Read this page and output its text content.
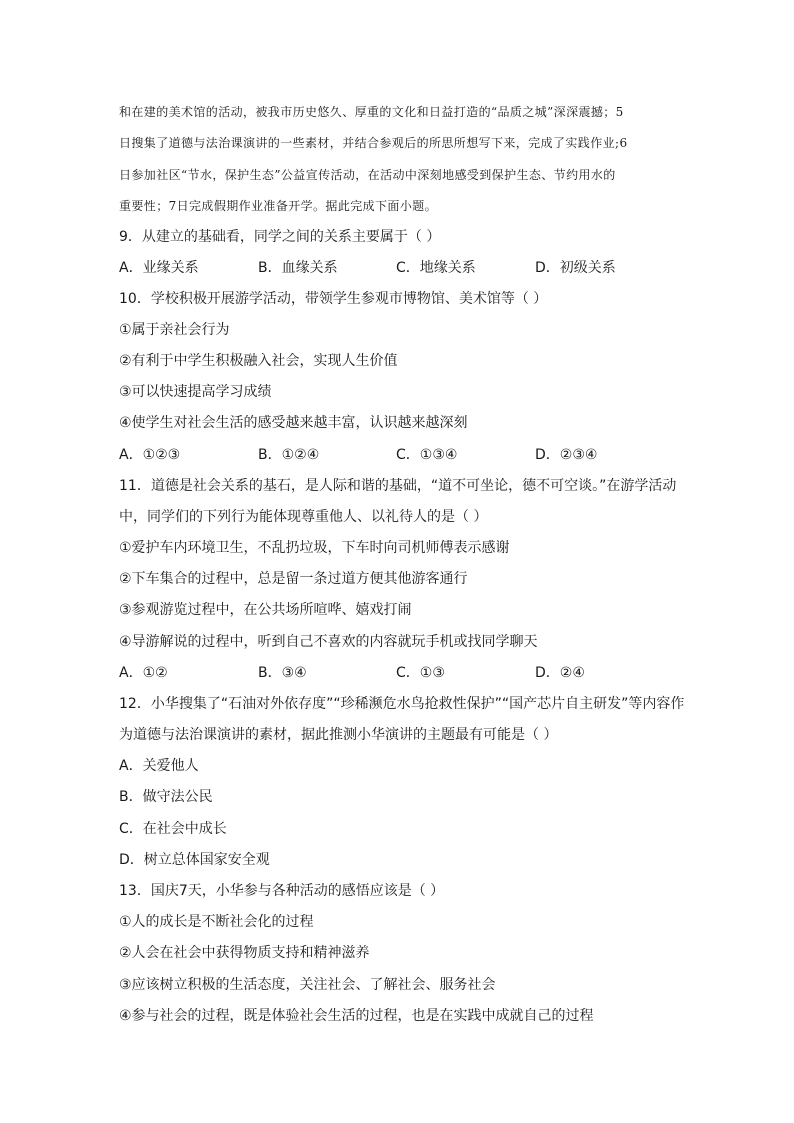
和在建的美术馆的活动，被我市历史悠久、厚重的文化和日益打造的“品质之城”深深震撼；5
日搜集了道德与法治课演讲的一些素材，并结合参观后的所思所想写下来，完成了实践作业;6
日参加社区“节水，保护生态”公益宣传活动，在活动中深刻地感受到保护生态、节约用水的
重要性；7日完成假期作业准备开学。据此完成下面小题。
9．从建立的基础看，同学之间的关系主要属于（ ）
A．业缘关系	B．血缘关系	C．地缘关系	D．初级关系
10．学校积极开展游学活动，带领学生参观市博物馆、美术馆等（ ）
①属于亲社会行为
②有利于中学生积极融入社会，实现人生价值
③可以快速提高学习成绩
④使学生对社会生活的感受越来越丰富，认识越来越深刻
A．①②③	B．①②④	C．①③④	D．②③④
11．道德是社会关系的基石，是人际和谐的基础，“道不可坐论，德不可空谈。”在游学活动
中，同学们的下列行为能体现尊重他人、以礼待人的是（ ）
①爱护车内环境卫生，不乱扔垃圾，下车时向司机师傅表示感谢
②下车集合的过程中，总是留一条过道方便其他游客通行
③参观游览过程中，在公共场所喧哗、嬉戏打闹
④导游解说的过程中，听到自己不喜欢的内容就玩手机或找同学聊天
A．①②	B．③④	C．①③	D．②④
12．小华搜集了“石油对外依存度”“珍稀濒危水鸟抢救性保护”“国产芯片自主研发”等内容作
为道德与法治课演讲的素材，据此推测小华演讲的主题最有可能是（ ）
A．关爱他人
B．做守法公民
C．在社会中成长
D．树立总体国家安全观
13．国庆7天，小华参与各种活动的感悟应该是（ ）
①人的成长是不断社会化的过程
②人会在社会中获得物质支持和精神滋养
③应该树立积极的生活态度，关注社会、了解社会、服务社会
④参与社会的过程，既是体验社会生活的过程，也是在实践中成就自己的过程
